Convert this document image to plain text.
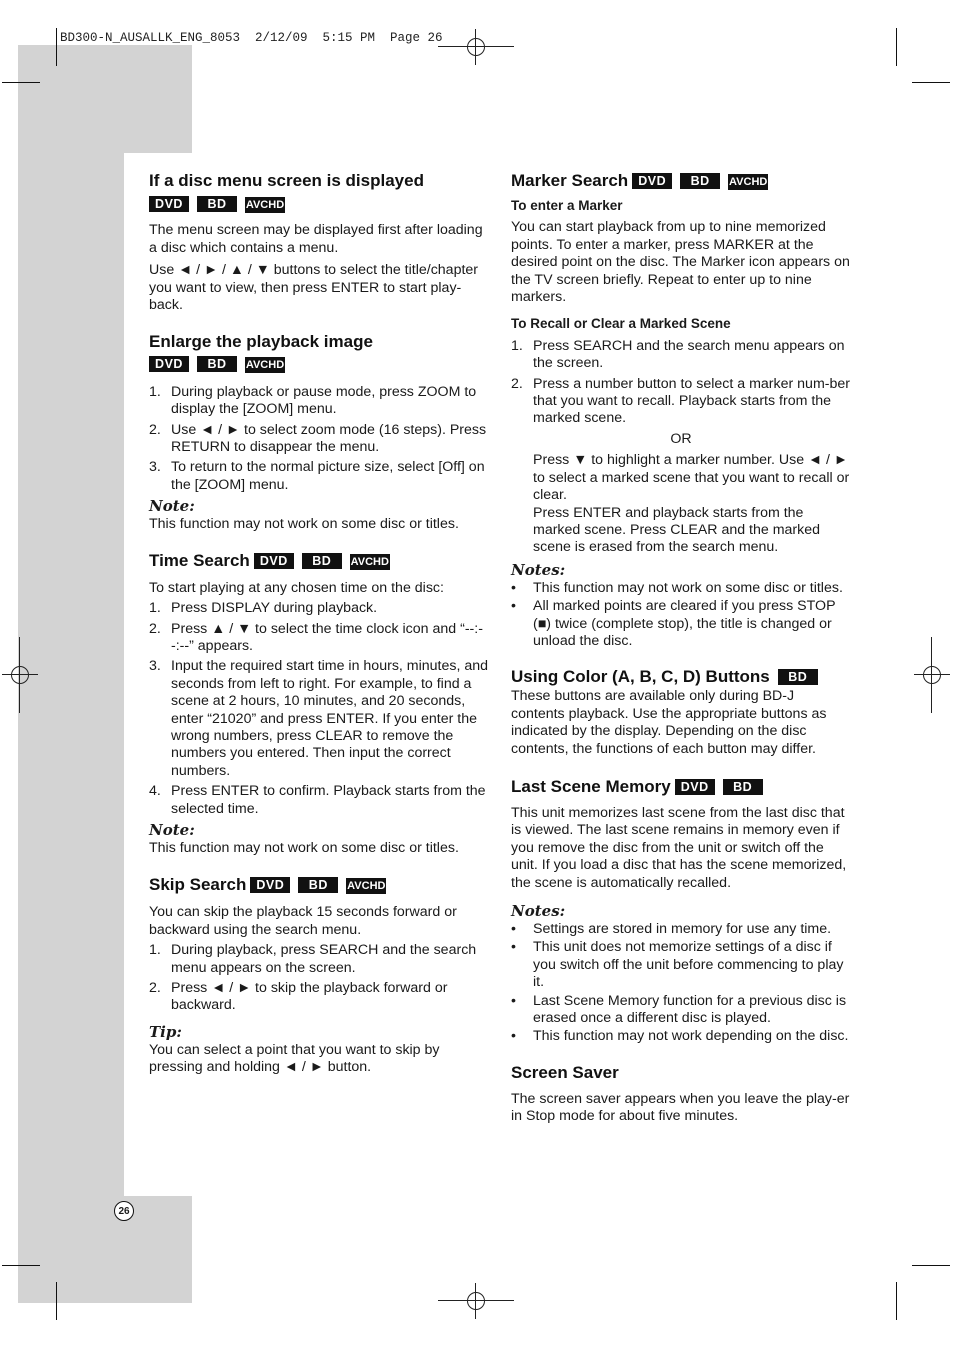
BD300-N_AUSALLK_ENG_8053  2/12/09  5:15 PM  Page 26
If a disc menu screen is displayed
DVD BD AVCHD

The menu screen may be displayed first after loading a disc which contains a menu.

Use ◄ / ► / ▲ / ▼ buttons to select the title/chapter you want to view, then press ENTER to start play-back.

Enlarge the playback image
DVD BD AVCHD
1. During playback or pause mode, press ZOOM to display the [ZOOM] menu.
2. Use ◄ / ► to select zoom mode (16 steps). Press RETURN to disappear the menu.
3. To return to the normal picture size, select [Off] on the [ZOOM] menu.
Note:

This function may not work on some disc or titles.

Time Search DVD BD AVCHD

To start playing at any chosen time on the disc:

1. Press DISPLAY during playback.
2. Press ▲ / ▼ to select the time clock icon and “--:--:--” appears.
3. Input the required start time in hours, minutes, and seconds from left to right. For example, to find a scene at 2 hours, 10 minutes, and 20 seconds, enter “21020” and press ENTER. If you enter the wrong numbers, press CLEAR to remove the numbers you entered. Then input the correct numbers.
4. Press ENTER to confirm. Playback starts from the selected time.
Note:

This function may not work on some disc or titles.

Skip Search DVD BD AVCHD

You can skip the playback 15 seconds forward or backward using the search menu.

1. During playback, press SEARCH and the search menu appears on the screen.
2. Press ◄ / ► to skip the playback forward or backward.
Tip:

You can select a point that you want to skip by pressing and holding ◄ / ► button.

Marker Search DVD BD AVCHD
To enter a Marker

You can start playback from up to nine memorized points. To enter a marker, press MARKER at the desired point on the disc. The Marker icon appears on the TV screen briefly. Repeat to enter up to nine markers.

To Recall or Clear a Marked Scene
1. Press SEARCH and the search menu appears on the screen.
2. Press a number button to select a marker num-ber that you want to recall. Playback starts from the marked scene.

OR

Press ▼ to highlight a marker number. Use ◄ / ► to select a marked scene that you want to recall or clear.

Press ENTER and playback starts from the marked scene. Press CLEAR and the marked scene is erased from the search menu.

Notes:
• This function may not work on some disc or titles.
• All marked points are cleared if you press STOP (■) twice (complete stop), the title is changed or unload the disc.
Using Color (A, B, C, D) Buttons BD

These buttons are available only during BD-J contents playback. Use the appropriate buttons as indicated by the display. Depending on the disc contents, the functions of each button may differ.

Last Scene Memory DVD BD

This unit memorizes last scene from the last disc that is viewed. The last scene remains in memory even if you remove the disc from the unit or switch off the unit. If you load a disc that has the scene memorized, the scene is automatically recalled.

Notes:
• Settings are stored in memory for use any time.
• This unit does not memorize settings of a disc if you switch off the unit before commencing to play it.
• Last Scene Memory function for a previous disc is erased once a different disc is played.
• This function may not work depending on the disc.
Screen Saver

The screen saver appears when you leave the play-er in Stop mode for about five minutes.

26
